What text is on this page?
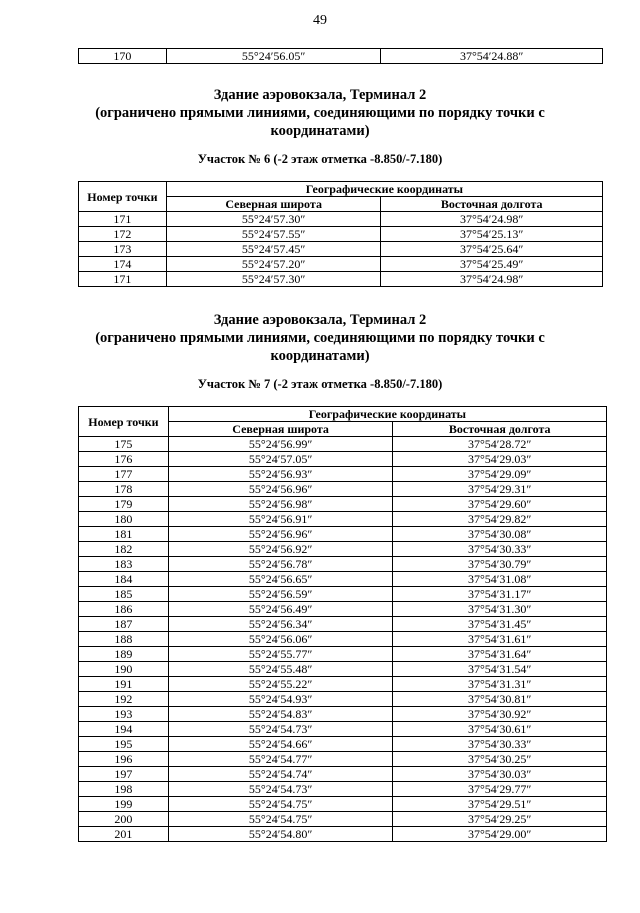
49
170	55°24′56.05″	37°54′24.88″
Здание аэровокзала, Терминал 2
(ограничено прямыми линиями, соединяющими по порядку точки с
координатами)
Участок № 6 (-2 этаж отметка -8.850/-7.180)
Номер точки	Географические координаты	
	Северная широта	Восточная долгота
171	55°24′57.30″	37°54′24.98″
172	55°24′57.55″	37°54′25.13″
173	55°24′57.45″	37°54′25.64″
174	55°24′57.20″	37°54′25.49″
171	55°24′57.30″	37°54′24.98″
Здание аэровокзала, Терминал 2
(ограничено прямыми линиями, соединяющими по порядку точки с
координатами)
Участок № 7 (-2 этаж отметка -8.850/-7.180)
Номер точки	Географические координаты	
	Северная широта	Восточная долгота
175	55°24′56.99″	37°54′28.72″
176	55°24′57.05″	37°54′29.03″
177	55°24′56.93″	37°54′29.09″
178	55°24′56.96″	37°54′29.31″
179	55°24′56.98″	37°54′29.60″
180	55°24′56.91″	37°54′29.82″
181	55°24′56.96″	37°54′30.08″
182	55°24′56.92″	37°54′30.33″
183	55°24′56.78″	37°54′30.79″
184	55°24′56.65″	37°54′31.08″
185	55°24′56.59″	37°54′31.17″
186	55°24′56.49″	37°54′31.30″
187	55°24′56.34″	37°54′31.45″
188	55°24′56.06″	37°54′31.61″
189	55°24′55.77″	37°54′31.64″
190	55°24′55.48″	37°54′31.54″
191	55°24′55.22″	37°54′31.31″
192	55°24′54.93″	37°54′30.81″
193	55°24′54.83″	37°54′30.92″
194	55°24′54.73″	37°54′30.61″
195	55°24′54.66″	37°54′30.33″
196	55°24′54.77″	37°54′30.25″
197	55°24′54.74″	37°54′30.03″
198	55°24′54.73″	37°54′29.77″
199	55°24′54.75″	37°54′29.51″
200	55°24′54.75″	37°54′29.25″
201	55°24′54.80″	37°54′29.00″
